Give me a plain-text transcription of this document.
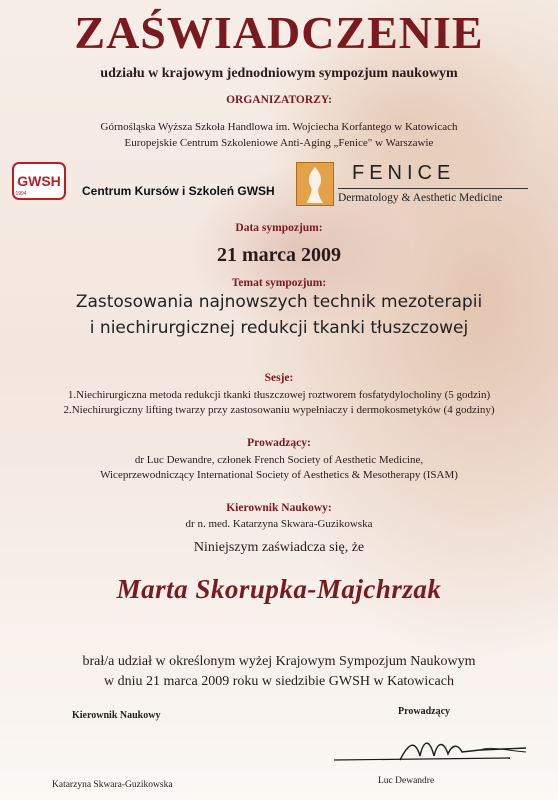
ZAŚWIADCZENIE
udziału w krajowym jednodniowym sympozjum naukowym
ORGANIZATORZY:
Górnośląska Wyższa Szkoła Handlowa im. Wojciecha Korfantego w Katowicach
Europejskie Centrum Szkoleniowe Anti-Aging „Fenice" w Warszawie
GWSH
1994	Centrum Kursów i Szkoleń GWSH
FENICE
Dermatology & Aesthetic Medicine
Data sympozjum:
21 marca 2009
Temat sympozjum:
Zastosowania najnowszych technik mezoterapii
i niechirurgicznej redukcji tkanki tłuszczowej
Sesje:
1.Niechirurgiczna metoda redukcji tkanki tłuszczowej roztworem fosfatydylocholiny (5 godzin)
2.Niechirurgiczny lifting twarzy przy zastosowaniu wypełniaczy i dermokosmetyków (4 godziny)
Prowadzący:
dr Luc Dewandre, członek French Society of Aesthetic Medicine,
Wiceprzewodniczący International Society of Aesthetics & Mesotherapy (ISAM)
Kierownik Naukowy:
dr n. med. Katarzyna Skwara-Guzikowska
Niniejszym zaświadcza się, że
Marta Skorupka-Majchrzak
brał/a udział w określonym wyżej Krajowym Sympozjum Naukowym
w dniu 21 marca 2009 roku w siedzibie GWSH w Katowicach
Kierownik Naukowy	Prowadzący
Katarzyna Skwara-Guzikowska	Luc Dewandre
